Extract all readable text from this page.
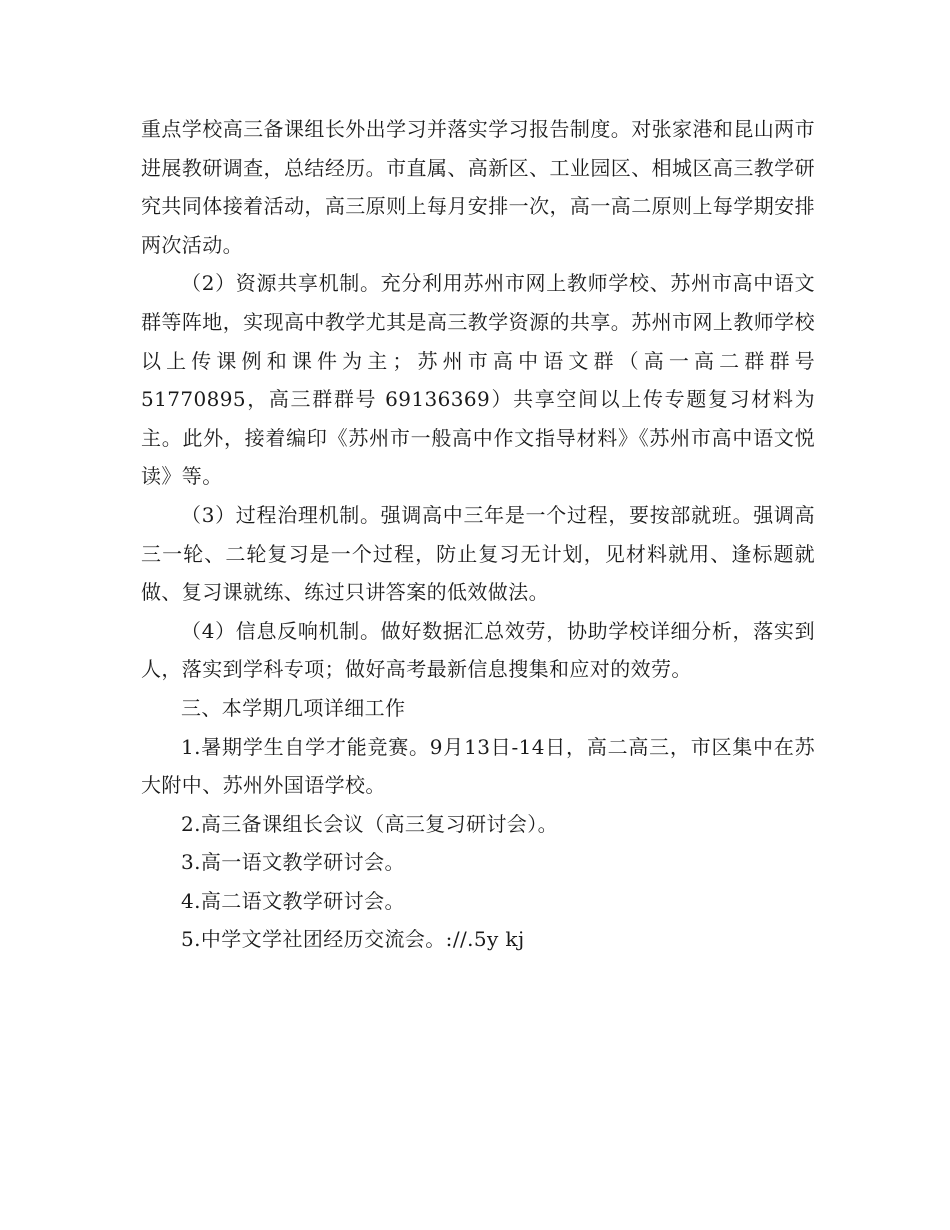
重点学校高三备课组长外出学习并落实学习报告制度。对张家港和昆山两市进展教研调查，总结经历。市直属、高新区、工业园区、相城区高三教学研究共同体接着活动，高三原则上每月安排一次，高一高二原则上每学期安排两次活动。

（2）资源共享机制。充分利用苏州市网上教师学校、苏州市高中语文群等阵地，实现高中教学尤其是高三教学资源的共享。苏州市网上教师学校以上传课例和课件为主；苏州市高中语文群（高一高二群群号 51770895，高三群群号 69136369）共享空间以上传专题复习材料为主。此外，接着编印《苏州市一般高中作文指导材料》《苏州市高中语文悦读》等。

（3）过程治理机制。强调高中三年是一个过程，要按部就班。强调高三一轮、二轮复习是一个过程，防止复习无计划，见材料就用、逢标题就做、复习课就练、练过只讲答案的低效做法。

（4）信息反响机制。做好数据汇总效劳，协助学校详细分析，落实到人，落实到学科专项；做好高考最新信息搜集和应对的效劳。

三、本学期几项详细工作

1.暑期学生自学才能竞赛。9月13日-14日，高二高三，市区集中在苏大附中、苏州外国语学校。

2.高三备课组长会议（高三复习研讨会）。

3.高一语文教学研讨会。

4.高二语文教学研讨会。

5.中学文学社团经历交流会。://.5y kj
